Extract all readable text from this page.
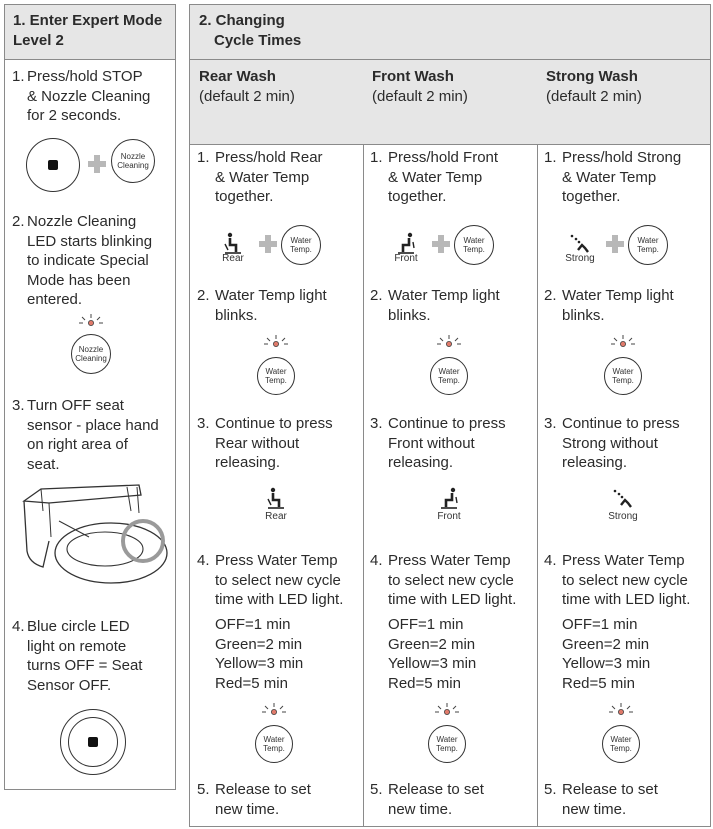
1. Enter Expert Mode
Level 2
1. Press/hold STOP
& Nozzle Cleaning
for 2 seconds.
Nozzle
Cleaning
2. Nozzle Cleaning
LED starts blinking
to indicate Special
Mode has been
entered.
Nozzle
Cleaning
3. Turn OFF seat
sensor - place hand
on right area of
seat.
4. Blue circle LED
light on remote
turns OFF = Seat
Sensor OFF.
2. Changing
Cycle Times
Rear Wash
(default 2 min)
1. Press/hold Rear
& Water Temp
together.
Rear
Water
Temp.
2. Water Temp light
blinks.
Water
Temp.
3. Continue to press
Rear without
releasing.
Rear
4. Press Water Temp
to select new cycle
time with LED light.
OFF=1 min
Green=2 min
Yellow=3 min
Red=5 min
Water
Temp.
5. Release to set
new time.
Front Wash
(default 2 min)
1. Press/hold Front
& Water Temp
together.
Front
Water
Temp.
2. Water Temp light
blinks.
Water
Temp.
3. Continue to press
Front without
releasing.
Front
4. Press Water Temp
to select new cycle
time with LED light.
OFF=1 min
Green=2 min
Yellow=3 min
Red=5 min
Water
Temp.
5. Release to set
new time.
Strong Wash
(default 2 min)
1. Press/hold Strong
& Water Temp
together.
Strong
Water
Temp.
2. Water Temp light
blinks.
Water
Temp.
3. Continue to press
Strong without
releasing.
Strong
4. Press Water Temp
to select new cycle
time with LED light.
OFF=1 min
Green=2 min
Yellow=3 min
Red=5 min
Water
Temp.
5. Release to set
new time.
